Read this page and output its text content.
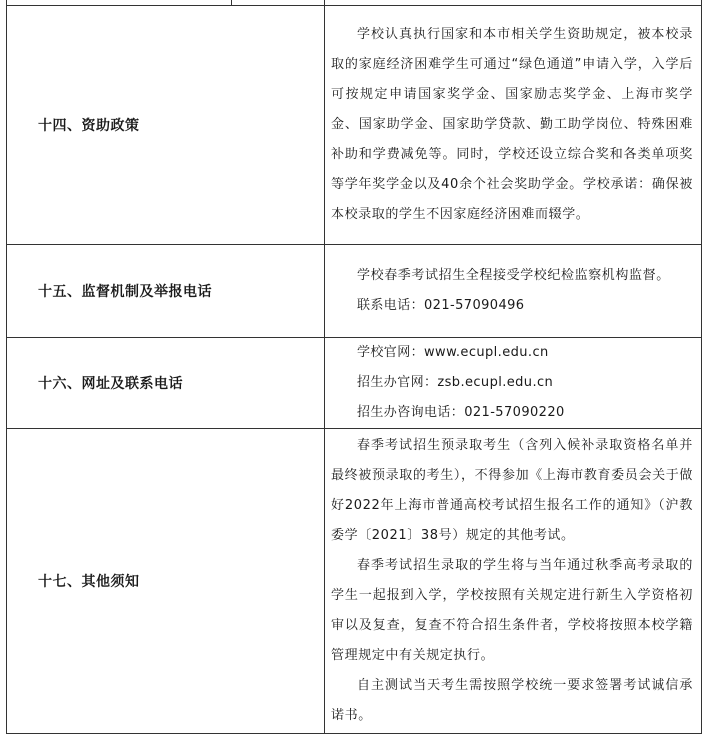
十四、资助政策	学校认真执行国家和本市相关学生资助规定，被本校录取的家庭经济困难学生可通过“绿色通道”申请入学，入学后可按规定申请国家奖学金、国家励志奖学金、上海市奖学金、国家助学金、国家助学贷款、勤工助学岗位、特殊困难补助和学费减免等。同时，学校还设立综合奖和各类单项奖等学年奖学金以及40余个社会奖助学金。学校承诺：确保被本校录取的学生不因家庭经济困难而辍学。

十五、监督机制及举报电话	学校春季考试招生全程接受学校纪检监察机构监督。

联系电话：021-57090496

十六、网址及联系电话	学校官网：www.ecupl.edu.cn

招生办官网：zsb.ecupl.edu.cn

招生办咨询电话：021-57090220

十七、其他须知	春季考试招生预录取考生（含列入候补录取资格名单并最终被预录取的考生），不得参加《上海市教育委员会关于做好2022年上海市普通高校考试招生报名工作的通知》（沪教委学〔2021〕38号）规定的其他考试。

春季考试招生录取的学生将与当年通过秋季高考录取的学生一起报到入学，学校按照有关规定进行新生入学资格初审以及复查，复查不符合招生条件者，学校将按照本校学籍管理规定中有关规定执行。

自主测试当天考生需按照学校统一要求签署考试诚信承诺书。
